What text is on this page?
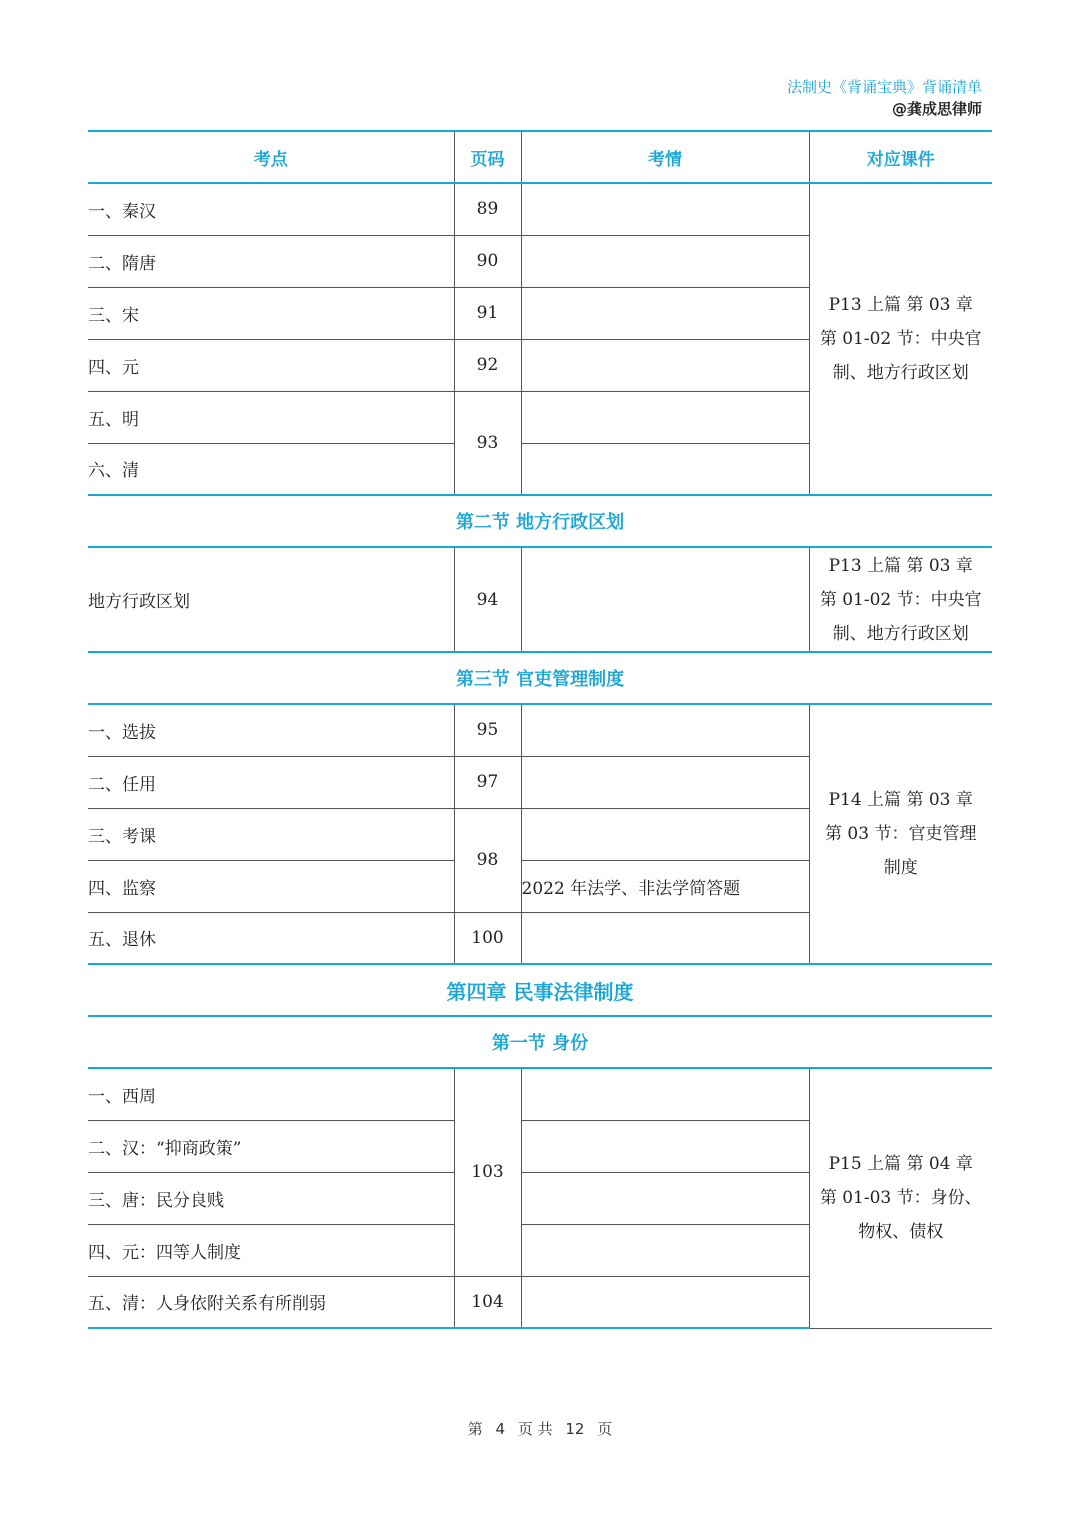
法制史《背诵宝典》背诵清单
@龚成思律师
考点	页码	考情	对应课件
一、秦汉	89		P13 上篇 第 03 章
第 01-02 节：中央官
制、地方行政区划

二、隋唐	90		
三、宋	91		
四、元	92		
五、明	93		
六、清			
第二节 地方行政区划			
地方行政区划	94		P13 上篇 第 03 章
第 01-02 节：中央官
制、地方行政区划

第三节 官吏管理制度			
一、选拔	95		P14 上篇 第 03 章
第 03 节：官吏管理
制度

二、任用	97		
三、考课	98		
四、监察		2022 年法学、非法学简答题	
五、退休	100		
第四章 民事法律制度			
第一节 身份			
一、西周	103		P15 上篇 第 04 章
第 01-03 节：身份、
物权、债权

二、汉：“抑商政策”			
三、唐：民分良贱			
四、元：四等人制度			
五、清：人身依附关系有所削弱	104		
第 4 页 共 12 页
